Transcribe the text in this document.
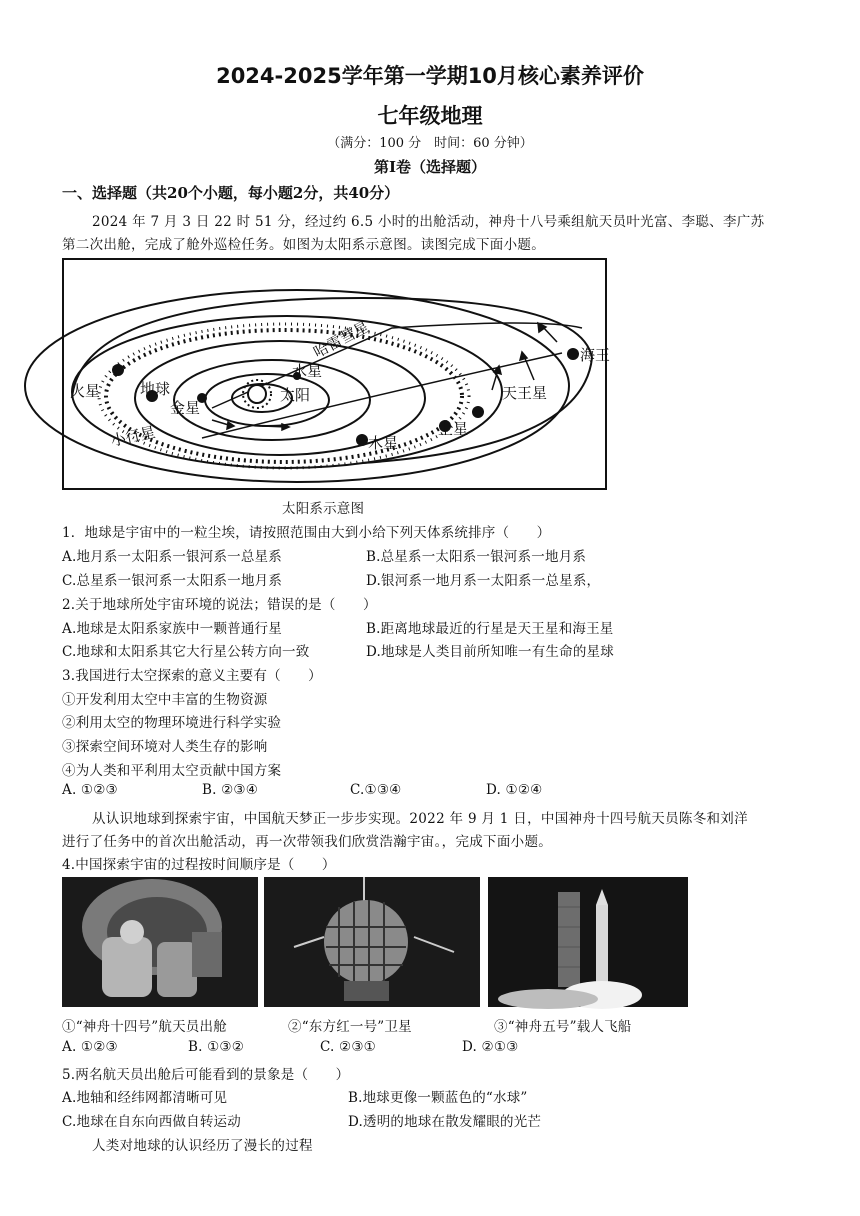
2024-2025学年第一学期10月核心素养评价
七年级地理
（满分：100 分　时间：60 分钟）
第Ⅰ卷（选择题）
一、选择题（共20个小题，每小题2分，共40分）
2024 年 7 月 3 日 22 时 51 分，经过约 6.5 小时的出舱活动，神舟十八号乘组航天员叶光富、李聪、李广苏
第二次出舱，完成了舱外巡检任务。如图为太阳系示意图。读图完成下面小题。
太阳
水星
金星
地球
火星
木星
土星
天王星
海王
哈雷彗星
小行星
太阳系示意图
1．地球是宇宙中的一粒尘埃，请按照范围由大到小给下列天体系统排序（　　）
A.地月系一太阳系一银河系一总星系	B.总星系一太阳系一银河系一地月系
C.总星系一银河系一太阳系一地月系	D.银河系一地月系一太阳系一总星系，
2.关于地球所处宇宙环境的说法；错误的是（　　）
A.地球是太阳系家族中一颗普通行星	B.距离地球最近的行星是天王星和海王星
C.地球和太阳系其它大行星公转方向一致	D.地球是人类目前所知唯一有生命的星球
3.我国进行太空探索的意义主要有（　　）
①开发利用太空中丰富的生物资源
②利用太空的物理环境进行科学实验
③探索空间环境对人类生存的影响
④为人类和平利用太空贡献中国方案
A. ①②③	B. ②③④	C.①③④	D. ①②④
从认识地球到探索宇宙，中国航天梦正一步步实现。2022 年 9 月 1 日，中国神舟十四号航天员陈冬和刘洋
进行了任务中的首次出舱活动，再一次带领我们欣赏浩瀚宇宙。，完成下面小题。
4.中国探索宇宙的过程按时间顺序是（　　）
①“神舟十四号”航天员出舱	②“东方红一号”卫星	③“神舟五号”载人飞船
A. ①②③	B. ①③②	C. ②③①	D. ②①③
5.两名航天员出舱后可能看到的景象是（　　）
A.地轴和经纬网都清晰可见	B.地球更像一颗蓝色的“水球”
C.地球在自东向西做自转运动	D.透明的地球在散发耀眼的光芒
人类对地球的认识经历了漫长的过程
